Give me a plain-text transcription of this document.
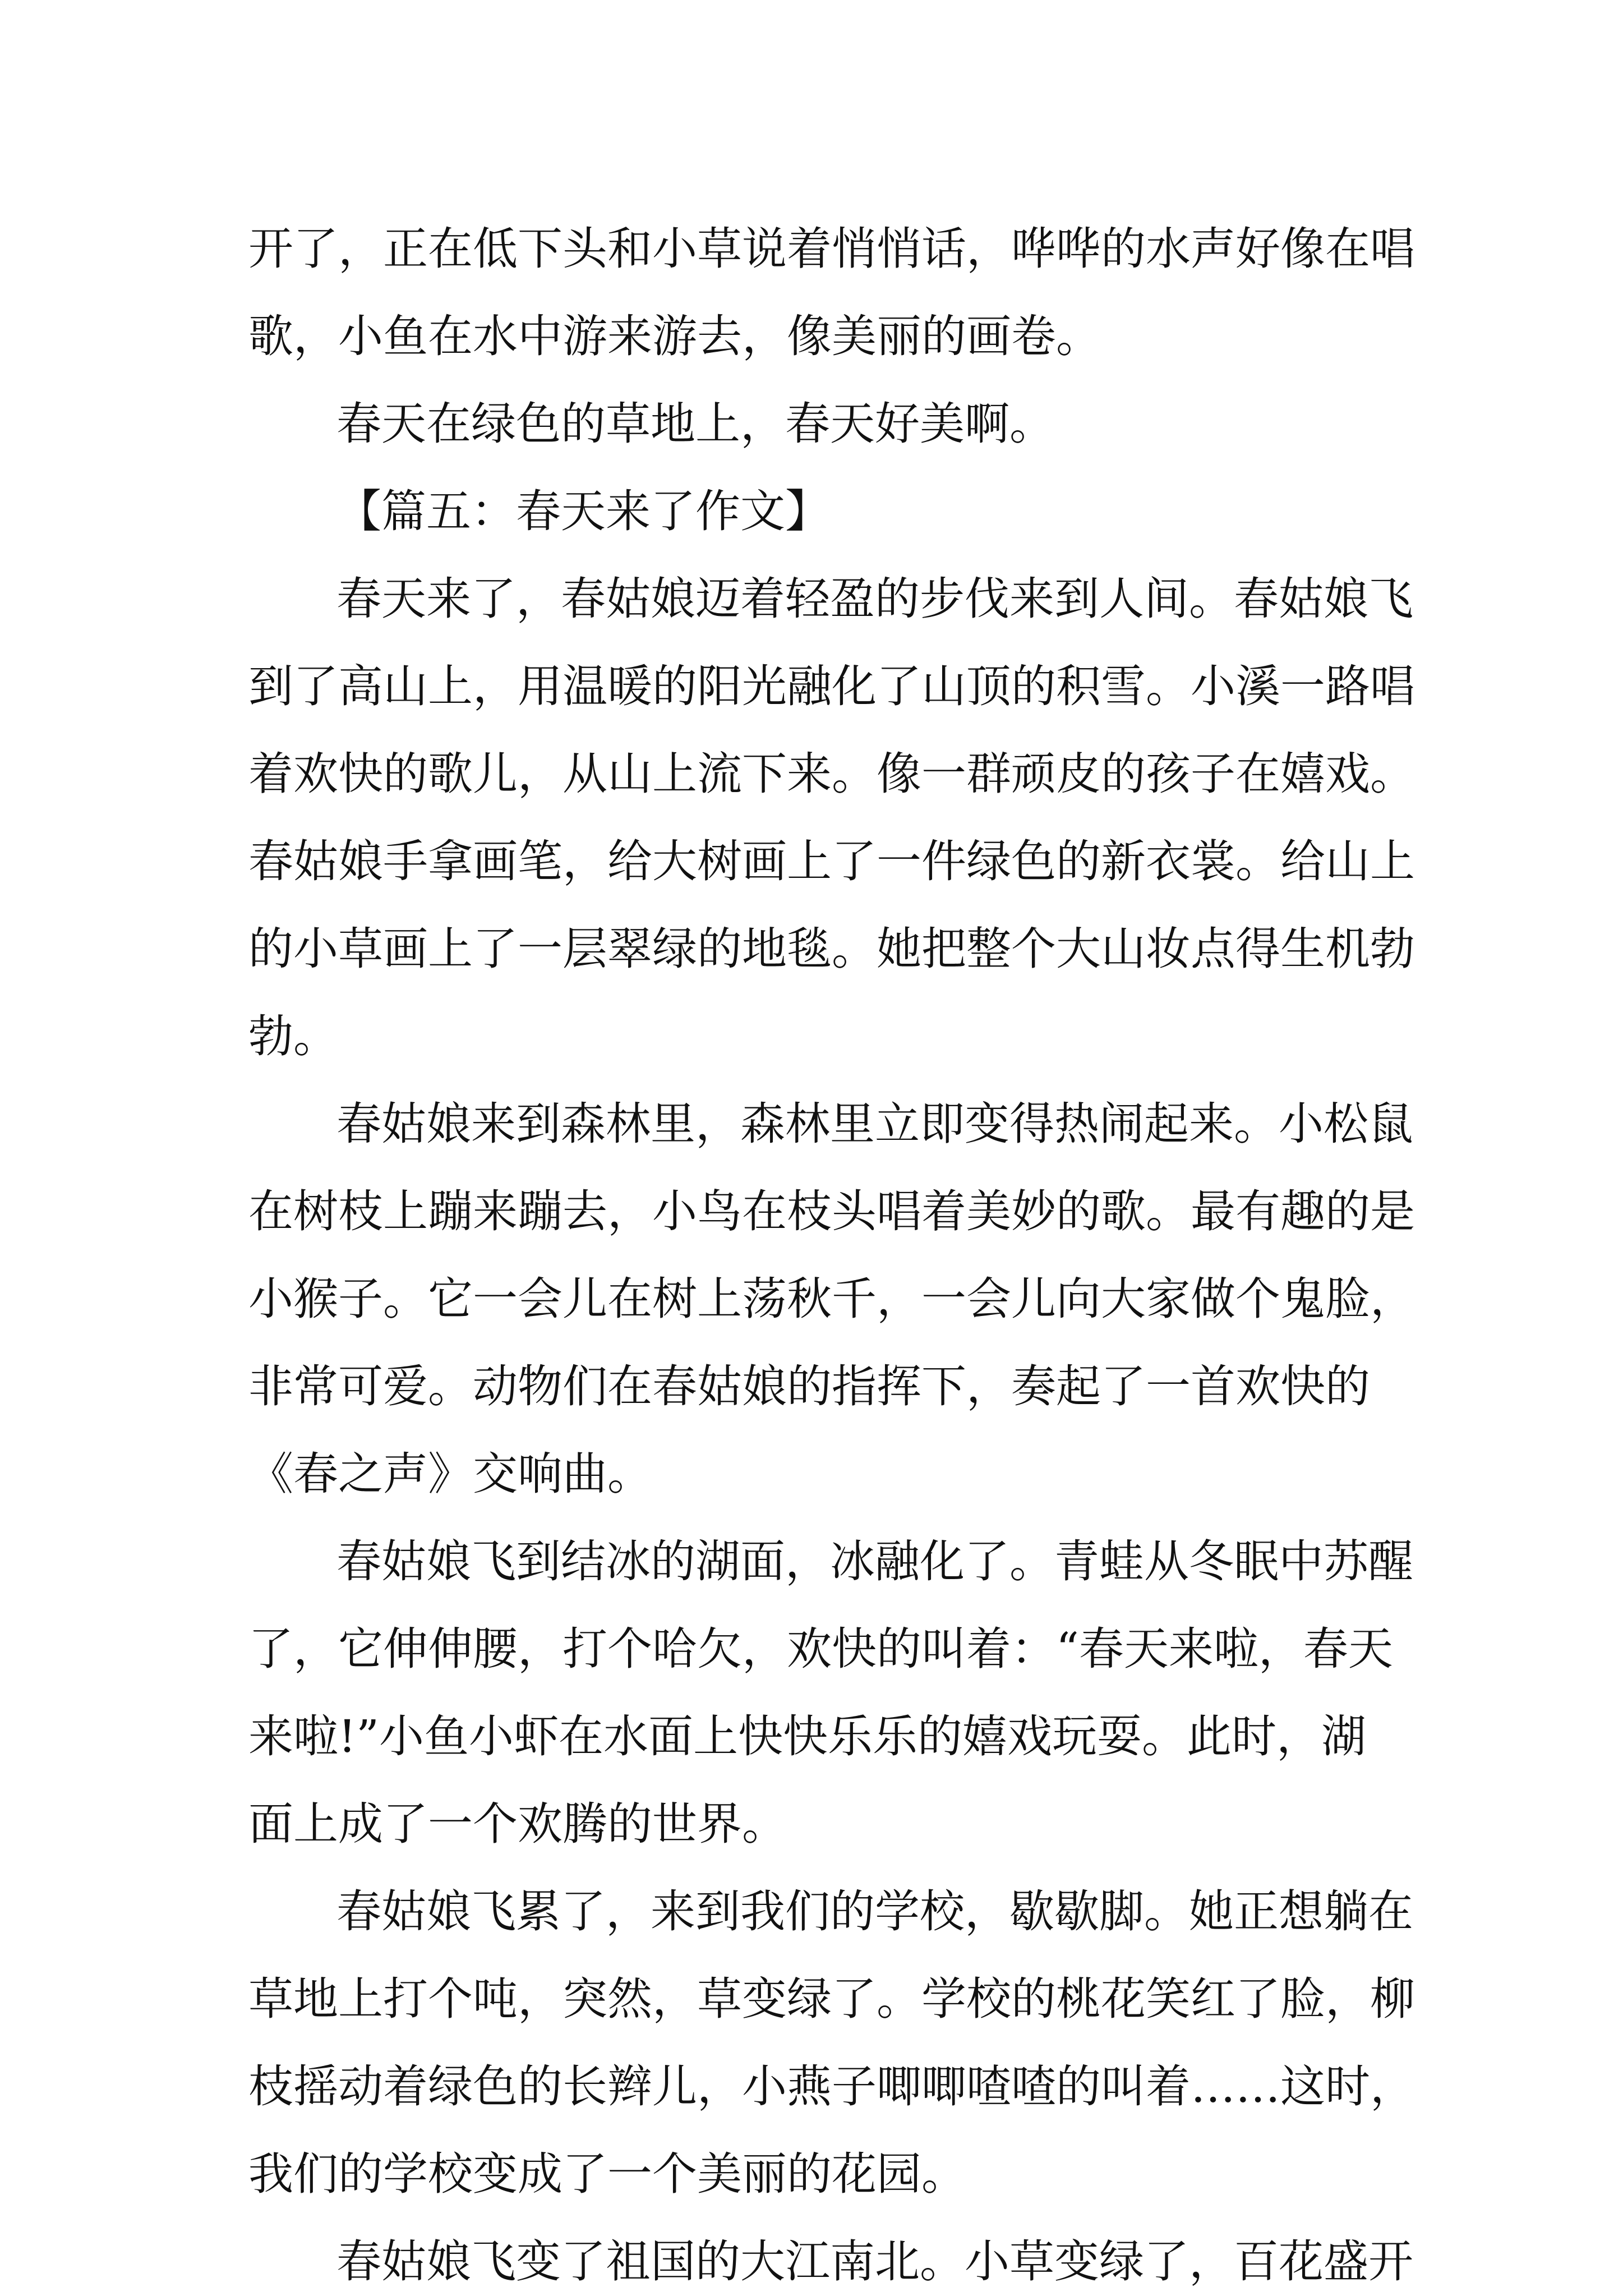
开了，正在低下头和小草说着悄悄话，哗哗的水声好像在唱

歌，小鱼在水中游来游去，像美丽的画卷。

春天在绿色的草地上，春天好美啊。

【篇五：春天来了作文】

春天来了，春姑娘迈着轻盈的步伐来到人间。春姑娘飞

到了高山上，用温暖的阳光融化了山顶的积雪。小溪一路唱

着欢快的歌儿，从山上流下来。像一群顽皮的孩子在嬉戏。

春姑娘手拿画笔，给大树画上了一件绿色的新衣裳。给山上

的小草画上了一层翠绿的地毯。她把整个大山妆点得生机勃

勃。

春姑娘来到森林里，森林里立即变得热闹起来。小松鼠

在树枝上蹦来蹦去，小鸟在枝头唱着美妙的歌。最有趣的是

小猴子。它一会儿在树上荡秋千，一会儿向大家做个鬼脸，

非常可爱。动物们在春姑娘的指挥下，奏起了一首欢快的

《春之声》交响曲。

春姑娘飞到结冰的湖面，冰融化了。青蛙从冬眠中苏醒

了，它伸伸腰，打个哈欠，欢快的叫着：“春天来啦，春天

来啦!”小鱼小虾在水面上快快乐乐的嬉戏玩耍。此时，湖

面上成了一个欢腾的世界。

春姑娘飞累了，来到我们的学校，歇歇脚。她正想躺在

草地上打个吨，突然，草变绿了。学校的桃花笑红了脸，柳

枝摇动着绿色的长辫儿，小燕子唧唧喳喳的叫着……这时，

我们的学校变成了一个美丽的花园。

春姑娘飞变了祖国的大江南北。小草变绿了，百花盛开
